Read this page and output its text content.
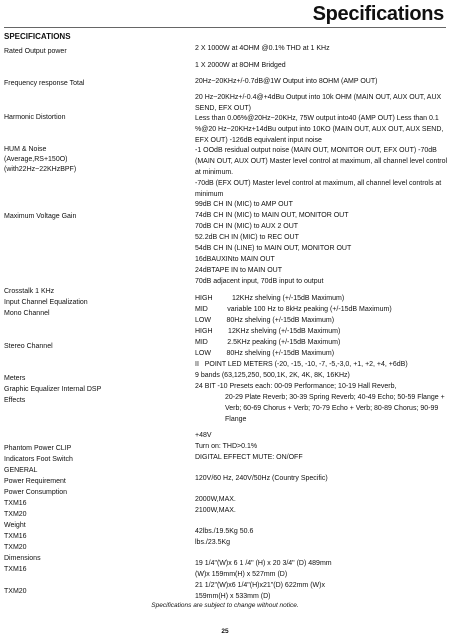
Specifications
SPECIFICATIONS
Rated Output power
Frequency response Total
Harmonic Distortion
HUM & Noise
(Average,RS+150O)
(with22Hz~22KHzBPF)
Maximum Voltage Gain
Crosstalk 1 KHz
Input Channel Equalization
Mono Channel
Stereo Channel
Meters
Graphic Equalizer Internal DSP
Effects
Phantom Power CLIP
Indicators Foot Switch
GENERAL
Power Requirement
Power Consumption
TXM16
TXM20
Weight
TXM16
TXM20
Dimensions
TXM16
TXM20
2 X 1000W at 4OHM @0.1% THD at 1 KHz
1 X 2000W at 8OHM Bridged
20Hz~20KHz+/-0.7dB@1W Output into 8OHM (AMP OUT)
20 Hz~20KHz+/-0.4@+4dBu Output into 10k OHM (MAIN OUT, AUX OUT, AUX SEND, EFX OUT)
Less than 0.06%@20Hz~20KHz, 75W output into40 (AMP OUT) Less than 0.1 %@20 Hz~20KHz+14dBu output into 10KO (MAIN OUT, AUX OUT, AUX SEND, EFX OUT) -126dB equivalent input noise
-1 OOdB residual output noise (MAIN OUT, MONITOR OUT, EFX OUT) -70dB (MAIN OUT, AUX OUT) Master level control at maximum, all channel level control at minimum.
-70dB (EFX OUT) Master level control at maximum, all channel level controls at minimum
99dB CH IN (MIC) to AMP OUT
74dB CH IN (MIC) to MAIN OUT, MONITOR OUT
70dB CH IN (MIC) to AUX 2 OUT
52.2dB CH IN (MIC) to REC OUT
54dB CH IN (LINE) to MAIN OUT, MONITOR OUT
16dBAUXINto MAIN OUT
24dBTAPE IN to MAIN OUT
70dB adjacent input, 70dB input to output
HIGH          12KHz shelving (+/-15dB Maximum)
MID          variable 100 Hz to 8kHz peaking (+/-15dB Maximum)
LOW        80Hz shelving (+/-15dB Maximum)
HIGH        12KHz shelving (+/-15dB Maximum)
MID          2.5KHz peaking (+/-15dB Maximum)
LOW        80Hz shelving (+/-15dB Maximum)
II   POINT LED METERS (-20, -15, -10, -7, -5,-3,0, +1, +2, +4, +6dB)
9 bands (63,125,250, 500,1K, 2K, 4K, 8K, 16KHz)
24 BIT -10 Presets each: 00-09 Performance; 10-19 Hall Reverb,
20-29 Plate Reverb; 30-39 Spring Reverb; 40-49 Echo; 50-59 Flange + Verb; 60-69 Chorus + Verb; 70-79 Echo + Verb; 80-89 Chorus; 90-99 Flange
+48V
Turn on: THD>0.1%
DIGITAL EFFECT MUTE: ON/OFF
120V/60 Hz, 240V/50Hz (Country Specific)
2000W,MAX.
2100W,MAX.
42lbs./19.5Kg 50.6
lbs./23.5Kg
19 1/4"(W)x 6 1 /4" (H) x 20 3/4" (D) 489mm
(W)x 159mm(H) x 527mm (D)
21 1/2"(W)x6 1/4"(H)x21"(D) 622mm (W)x
159mm(H) x 533mm (D)
Specifications are subject to change without notice.
25
